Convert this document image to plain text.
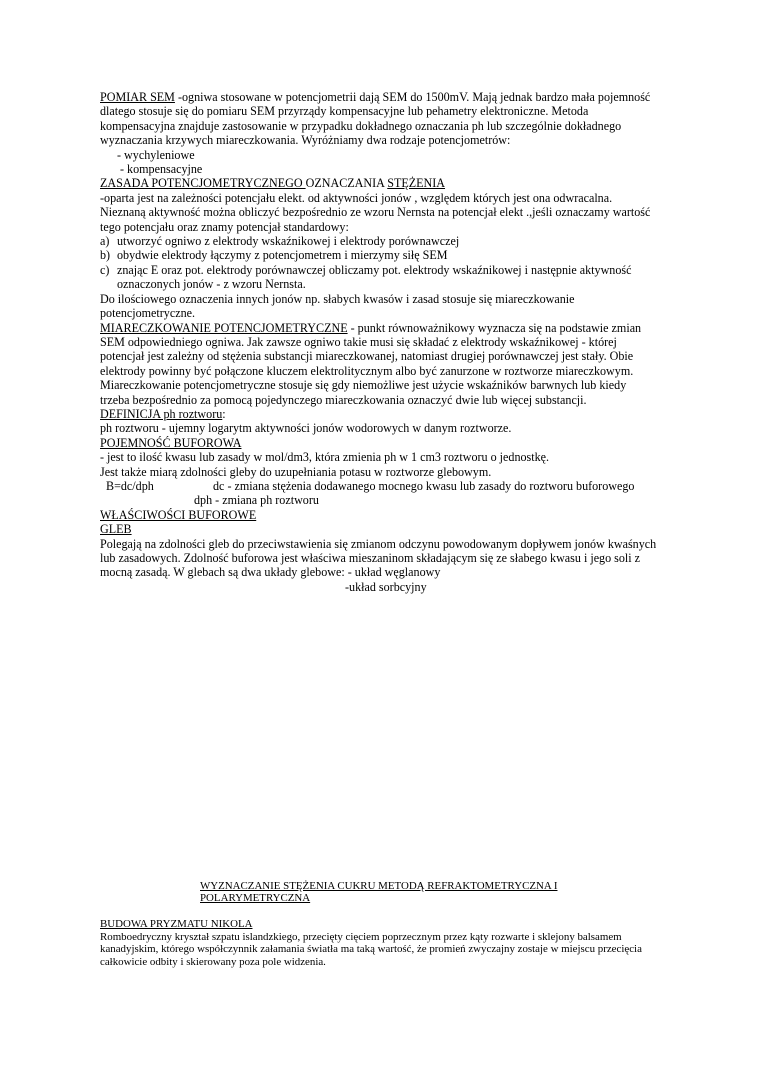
POMIAR SEM -ogniwa stosowane w potencjometrii dają SEM do 1500mV. Mają jednak bardzo mała pojemność

dlatego stosuje się do pomiaru SEM przyrządy kompensacyjne lub pehametry elektroniczne. Metoda

kompensacyjna znajduje zastosowanie w przypadku dokładnego oznaczania ph lub szczególnie dokładnego

wyznaczania krzywych miareczkowania. Wyróżniamy dwa rodzaje potencjometrów:

- wychyleniowe

- kompensacyjne

ZASADA POTENCJOMETRYCZNEGO OZNACZANIA STĘŻENIA

-oparta jest na zależności potencjału elekt. od aktywności jonów , względem których jest ona odwracalna.

Nieznaną aktywność można obliczyć bezpośrednio ze wzoru Nernsta na potencjał elekt .,jeśli oznaczamy wartość

tego potencjału oraz znamy potencjał standardowy:

a) utworzyć ogniwo z elektrody wskaźnikowej i elektrody porównawczej

b) obydwie elektrody łączymy z potencjometrem i mierzymy siłę SEM

c) znając E oraz pot. elektrody porównawczej obliczamy pot. elektrody wskaźnikowej i następnie aktywność

oznaczonych jonów - z wzoru Nernsta.

Do ilościowego oznaczenia innych jonów np. słabych kwasów i zasad stosuje się miareczkowanie

potencjometryczne.

MIARECZKOWANIE POTENCJOMETRYCZNE - punkt równoważnikowy wyznacza się na podstawie zmian

SEM odpowiedniego ogniwa. Jak zawsze ogniwo takie musi się składać z elektrody wskaźnikowej - której

potencjał jest zależny od stężenia substancji miareczkowanej, natomiast drugiej porównawczej jest stały. Obie

elektrody powinny być połączone kluczem elektrolitycznym albo być zanurzone w roztworze miareczkowym.

Miareczkowanie potencjometryczne stosuje się gdy niemożliwe jest użycie wskaźników barwnych lub kiedy

trzeba bezpośrednio za pomocą pojedynczego miareczkowania oznaczyć dwie lub więcej substancji.

DEFINICJA ph roztworu:

ph roztworu - ujemny logarytm aktywności jonów wodorowych w danym roztworze.

POJEMNOŚĆ BUFOROWA

- jest to ilość kwasu lub zasady w mol/dm3, która zmienia ph w 1 cm3 roztworu o jednostkę.

Jest także miarą zdolności gleby do uzupełniania potasu w roztworze glebowym.

B=dc/dph	dc - zmiana stężenia dodawanego mocnego kwasu lub zasady do roztworu buforowego
dph - zmiana ph roztworu

WŁAŚCIWOŚCI BUFOROWE

GLEB

Polegają na zdolności gleb do przeciwstawienia się zmianom odczynu powodowanym dopływem jonów kwaśnych

lub zasadowych. Zdolność buforowa jest właściwa mieszaninom składającym się ze słabego kwasu i jego soli z

mocną zasadą. W glebach są dwa układy glebowe: - układ węglanowy

-układ sorbcyjny

WYZNACZANIE STĘŻENIA CUKRU METODĄ REFRAKTOMETRYCZNA I

POLARYMETRYCZNA

BUDOWA PRYZMATU NIKOLA

Romboedryczny kryształ szpatu islandzkiego, przecięty cięciem poprzecznym przez kąty rozwarte i sklejony balsamem

kanadyjskim, którego współczynnik załamania światła ma taką wartość, że promień zwyczajny zostaje w miejscu przecięcia

całkowicie odbity i skierowany poza pole widzenia.
